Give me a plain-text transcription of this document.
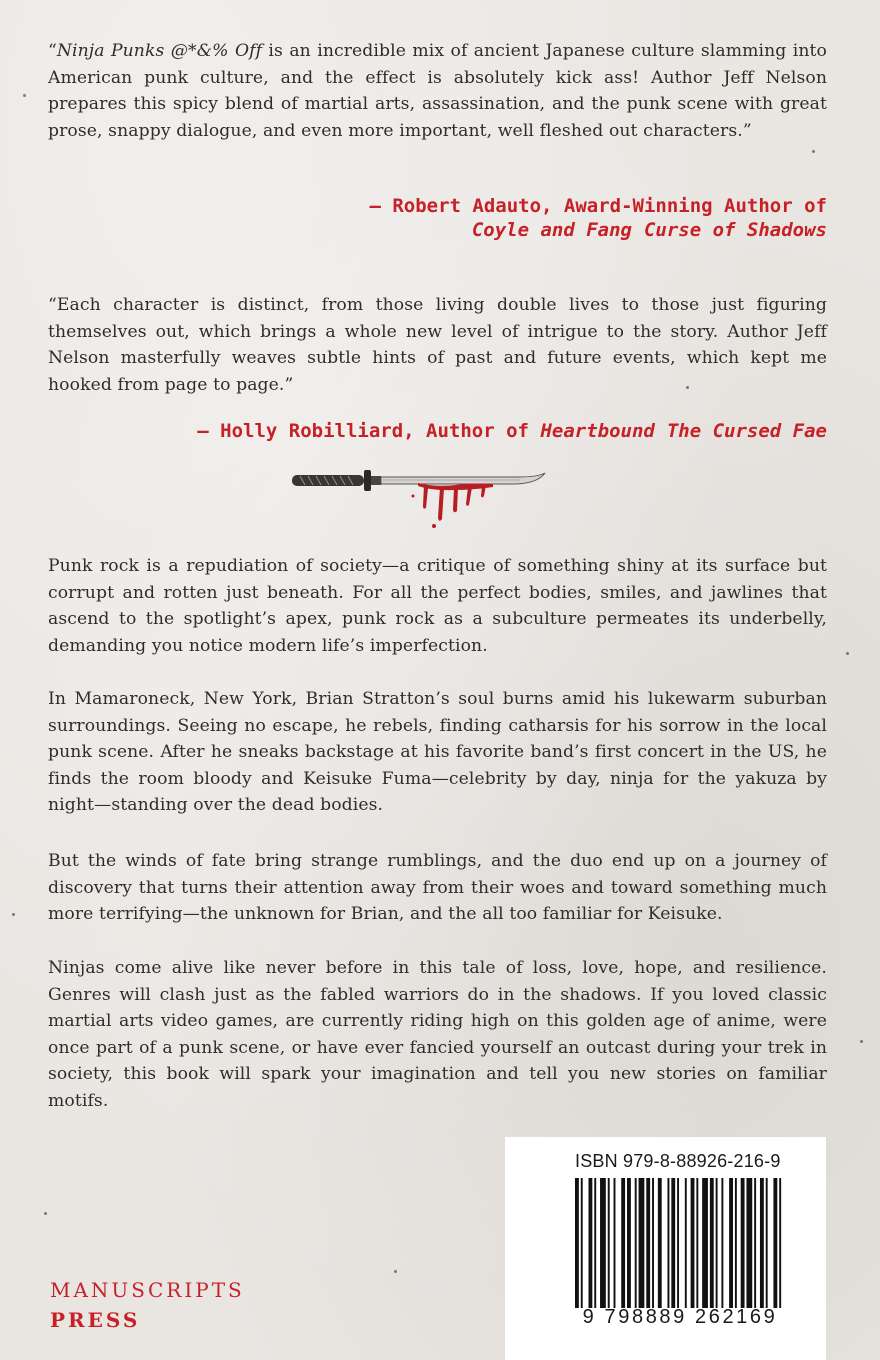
“Ninja Punks @*&% Off is an incredible mix of ancient Japanese culture slamming into American punk culture, and the effect is absolutely kick ass! Author Jeff Nelson prepares this spicy blend of martial arts, assassination, and the punk scene with great prose, snappy dialogue, and even more important, well fleshed out characters.”

— Robert Adauto, Award-Winning Author of
Coyle and Fang Curse of Shadows

“Each character is distinct, from those living double lives to those just figuring themselves out, which brings a whole new level of intrigue to the story. Author Jeff Nelson masterfully weaves subtle hints of past and future events, which kept me hooked from page to page.”

— Holly Robilliard, Author of Heartbound The Cursed Fae

Punk rock is a repudiation of society—a critique of something shiny at its surface but corrupt and rotten just beneath. For all the perfect bodies, smiles, and jawlines that ascend to the spotlight’s apex, punk rock as a subculture permeates its underbelly, demanding you notice modern life’s imperfection.

In Mamaroneck, New York, Brian Stratton’s soul burns amid his lukewarm suburban surroundings. Seeing no escape, he rebels, finding catharsis for his sorrow in the local punk scene. After he sneaks backstage at his favorite band’s first concert in the US, he finds the room bloody and Keisuke Fuma—celebrity by day, ninja for the yakuza by night—standing over the dead bodies.

But the winds of fate bring strange rumblings, and the duo end up on a journey of discovery that turns their attention away from their woes and toward something much more terrifying—the unknown for Brian, and the all too familiar for Keisuke.

Ninjas come alive like never before in this tale of loss, love, hope, and resilience. Genres will clash just as the fabled warriors do in the shadows. If you loved classic martial arts video games, are currently riding high on this golden age of anime, were once part of a punk scene, or have ever fancied yourself an outcast during your trek in society, this book will spark your imagination and tell you new stories on familiar motifs.

ISBN 979-8-88926-216-9
9 798889 262169
MANUSCRIPTS
PRESS
